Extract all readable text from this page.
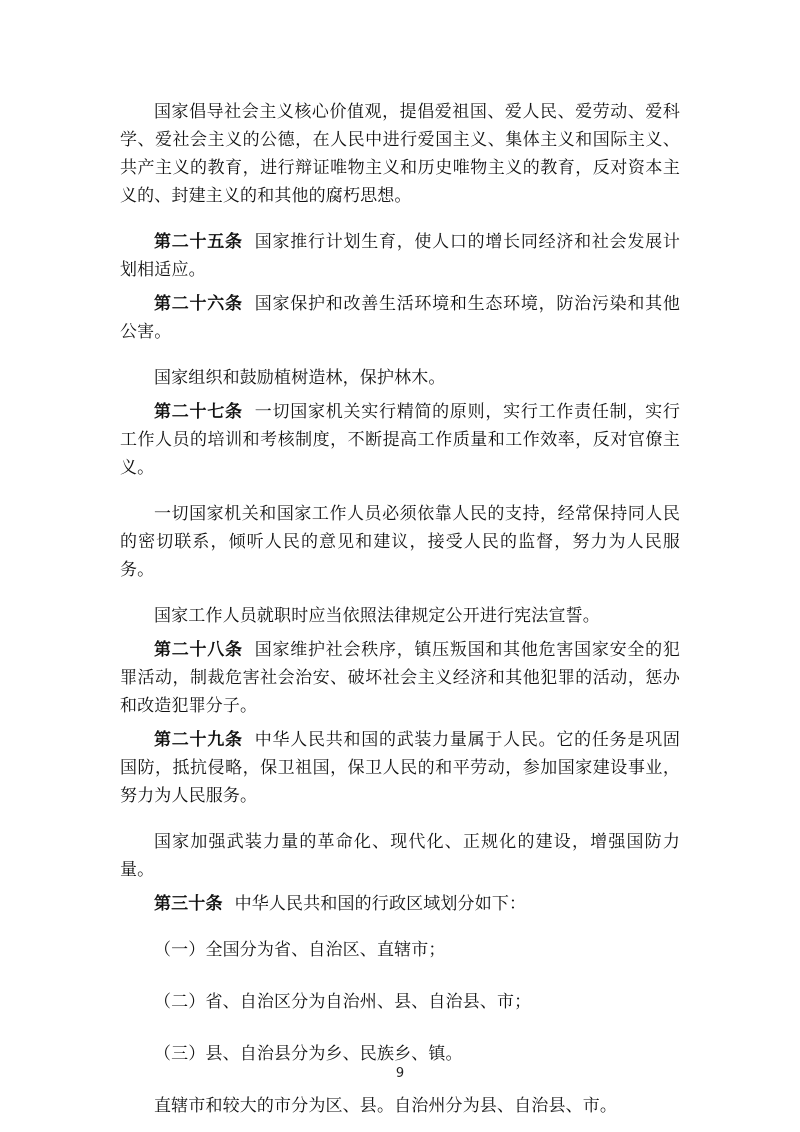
国家倡导社会主义核心价值观，提倡爱祖国、爱人民、爱劳动、爱科学、爱社会主义的公德，在人民中进行爱国主义、集体主义和国际主义、共产主义的教育，进行辩证唯物主义和历史唯物主义的教育，反对资本主义的、封建主义的和其他的腐朽思想。

第二十五条 国家推行计划生育，使人口的增长同经济和社会发展计划相适应。

第二十六条 国家保护和改善生活环境和生态环境，防治污染和其他公害。

国家组织和鼓励植树造林，保护林木。

第二十七条 一切国家机关实行精简的原则，实行工作责任制，实行工作人员的培训和考核制度，不断提高工作质量和工作效率，反对官僚主义。

一切国家机关和国家工作人员必须依靠人民的支持，经常保持同人民的密切联系，倾听人民的意见和建议，接受人民的监督，努力为人民服务。

国家工作人员就职时应当依照法律规定公开进行宪法宣誓。

第二十八条 国家维护社会秩序，镇压叛国和其他危害国家安全的犯罪活动，制裁危害社会治安、破坏社会主义经济和其他犯罪的活动，惩办和改造犯罪分子。

第二十九条 中华人民共和国的武装力量属于人民。它的任务是巩固国防，抵抗侵略，保卫祖国，保卫人民的和平劳动，参加国家建设事业，努力为人民服务。

国家加强武装力量的革命化、现代化、正规化的建设，增强国防力量。

第三十条 中华人民共和国的行政区域划分如下：

（一）全国分为省、自治区、直辖市；

（二）省、自治区分为自治州、县、自治县、市；

（三）县、自治县分为乡、民族乡、镇。

直辖市和较大的市分为区、县。自治州分为县、自治县、市。

9
